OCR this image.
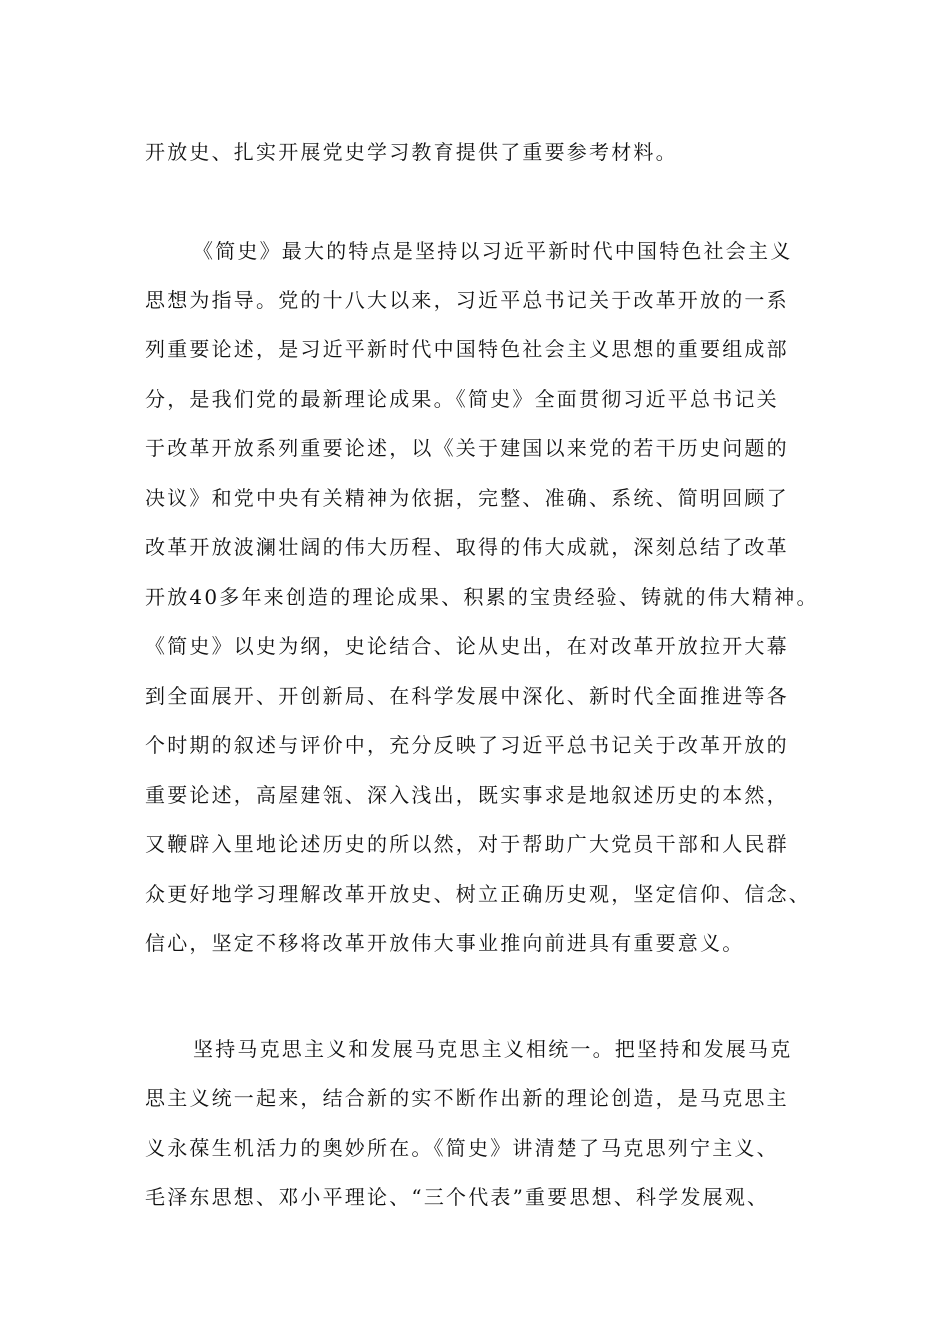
开放史、扎实开展党史学习教育提供了重要参考材料。
《简史》最大的特点是坚持以习近平新时代中国特色社会主义
思想为指导。党的十八大以来，习近平总书记关于改革开放的一系
列重要论述，是习近平新时代中国特色社会主义思想的重要组成部
分，是我们党的最新理论成果。《简史》全面贯彻习近平总书记关
于改革开放系列重要论述，以《关于建国以来党的若干历史问题的
决议》和党中央有关精神为依据，完整、准确、系统、简明回顾了
改革开放波澜壮阔的伟大历程、取得的伟大成就，深刻总结了改革
开放40多年来创造的理论成果、积累的宝贵经验、铸就的伟大精神。
《简史》以史为纲，史论结合、论从史出，在对改革开放拉开大幕
到全面展开、开创新局、在科学发展中深化、新时代全面推进等各
个时期的叙述与评价中，充分反映了习近平总书记关于改革开放的
重要论述，高屋建瓴、深入浅出，既实事求是地叙述历史的本然，
又鞭辟入里地论述历史的所以然，对于帮助广大党员干部和人民群
众更好地学习理解改革开放史、树立正确历史观，坚定信仰、信念、
信心，坚定不移将改革开放伟大事业推向前进具有重要意义。
坚持马克思主义和发展马克思主义相统一。把坚持和发展马克
思主义统一起来，结合新的实不断作出新的理论创造，是马克思主
义永葆生机活力的奥妙所在。《简史》讲清楚了马克思列宁主义、
毛泽东思想、邓小平理论、“三个代表”重要思想、科学发展观、
